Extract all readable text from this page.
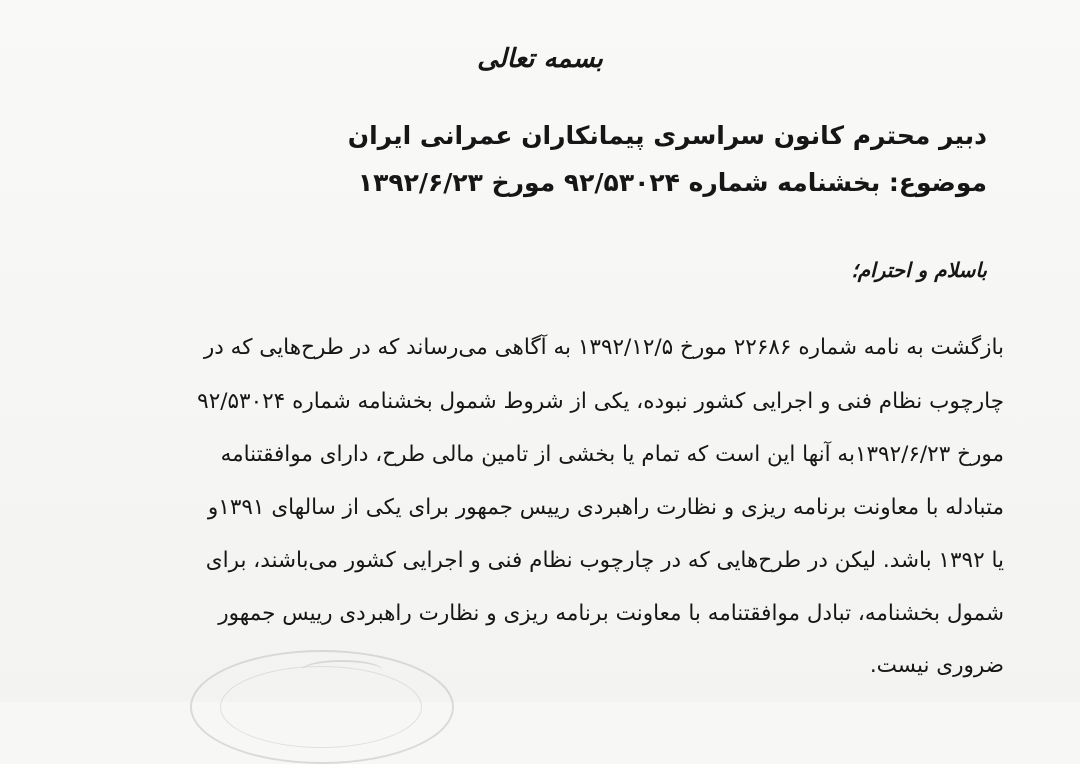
بسمه تعالی
دبیر محترم کانون سراسری پیمانکاران عمرانی ایران
موضوع: بخشنامه شماره ۹۲/۵۳۰۲۴ مورخ ۱۳۹۲/۶/۲۳
باسلام و احترام؛
بازگشت به نامه شماره ۲۲۶۸۶ مورخ ۱۳۹۲/۱۲/۵ به آگاهی می‌رساند که در طرح‌هایی که در
چارچوب نظام فنی و اجرایی کشور نبوده، یکی از شروط شمول بخشنامه شماره ۹۲/۵۳۰۲۴
مورخ ۱۳۹۲/۶/۲۳به آنها این است که تمام یا بخشی از تامین مالی طرح، دارای موافقتنامه
متبادله با معاونت برنامه ریزی و نظارت راهبردی رییس جمهور برای یکی از سالهای ۱۳۹۱و
یا ۱۳۹۲ باشد. لیکن در طرح‌هایی که در چارچوب نظام فنی و اجرایی کشور می‌باشند، برای
شمول بخشنامه، تبادل موافقتنامه با معاونت برنامه ریزی و نظارت راهبردی رییس جمهور
ضروری نیست.
